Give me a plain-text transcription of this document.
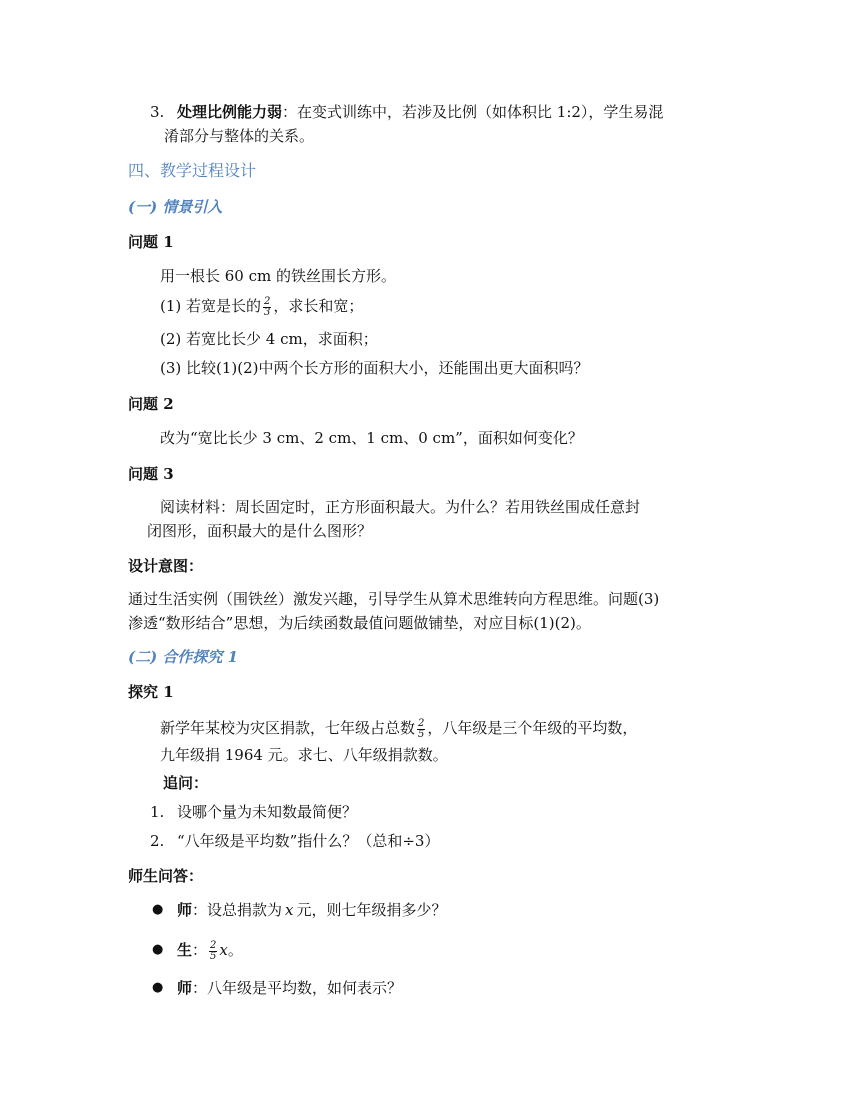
3. 处理比例能力弱：在变式训练中，若涉及比例（如体积比 1:2），学生易混
淆部分与整体的关系。
四、教学过程设计
(一) 情景引入
问题 1
用一根长 60 cm 的铁丝围长方形。
(1) 若宽是长的 $\frac{2}{3}$ ，求长和宽；
(2) 若宽比长少 4 cm，求面积；
(3) 比较(1)(2)中两个长方形的面积大小，还能围出更大面积吗？
问题 2
改为“宽比长少 3 cm、2 cm、1 cm、0 cm”，面积如何变化？
问题 3
阅读材料：周长固定时，正方形面积最大。为什么？若用铁丝围成任意封
闭图形，面积最大的是什么图形？
设计意图：
通过生活实例（围铁丝）激发兴趣，引导学生从算术思维转向方程思维。问题(3)
渗透“数形结合”思想，为后续函数最值问题做铺垫，对应目标(1)(2)。
(二) 合作探究 1
探究 1
新学年某校为灾区捐款，七年级占总数 $\frac{2}{5}$ ，八年级是三个年级的平均数，
九年级捐 1964 元。求七、八年级捐款数。
追问：
1. 设哪个量为未知数最简便？
2. “八年级是平均数”指什么？（总和÷3）
师生问答：
● 师：设总捐款为 x 元，则七年级捐多少？
● 生： $\frac{2}{5}$ x。
● 师：八年级是平均数，如何表示？
